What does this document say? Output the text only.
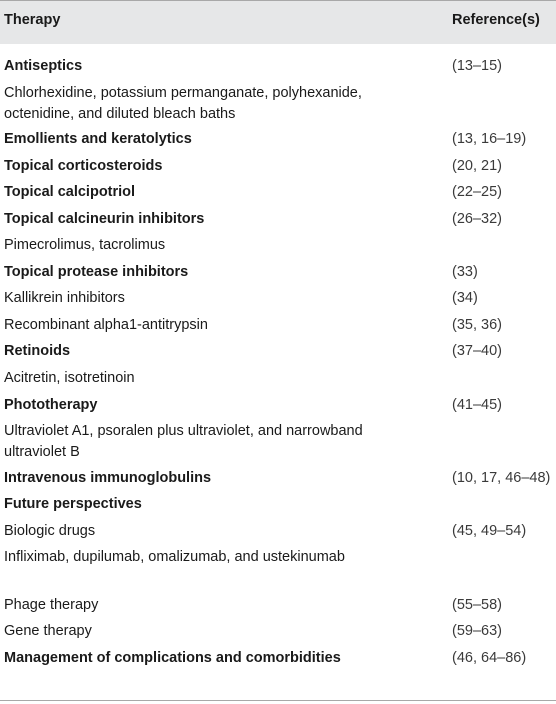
Therapy	Reference(s)
Antiseptics	(13–15)
Chlorhexidine, potassium permanganate, polyhexanide, octenidine, and diluted bleach baths
Emollients and keratolytics	(13, 16–19)
Topical corticosteroids	(20, 21)
Topical calcipotriol	(22–25)
Topical calcineurin inhibitors	(26–32)
Pimecrolimus, tacrolimus
Topical protease inhibitors	(33)
Kallikrein inhibitors	(34)
Recombinant alpha1-antitrypsin	(35, 36)
Retinoids	(37–40)
Acitretin, isotretinoin
Phototherapy	(41–45)
Ultraviolet A1, psoralen plus ultraviolet, and narrowband ultraviolet B
Intravenous immunoglobulins	(10, 17, 46–48)
Future perspectives
Biologic drugs	(45, 49–54)
Infliximab, dupilumab, omalizumab, and ustekinumab
Phage therapy	(55–58)
Gene therapy	(59–63)
Management of complications and comorbidities	(46, 64–86)
